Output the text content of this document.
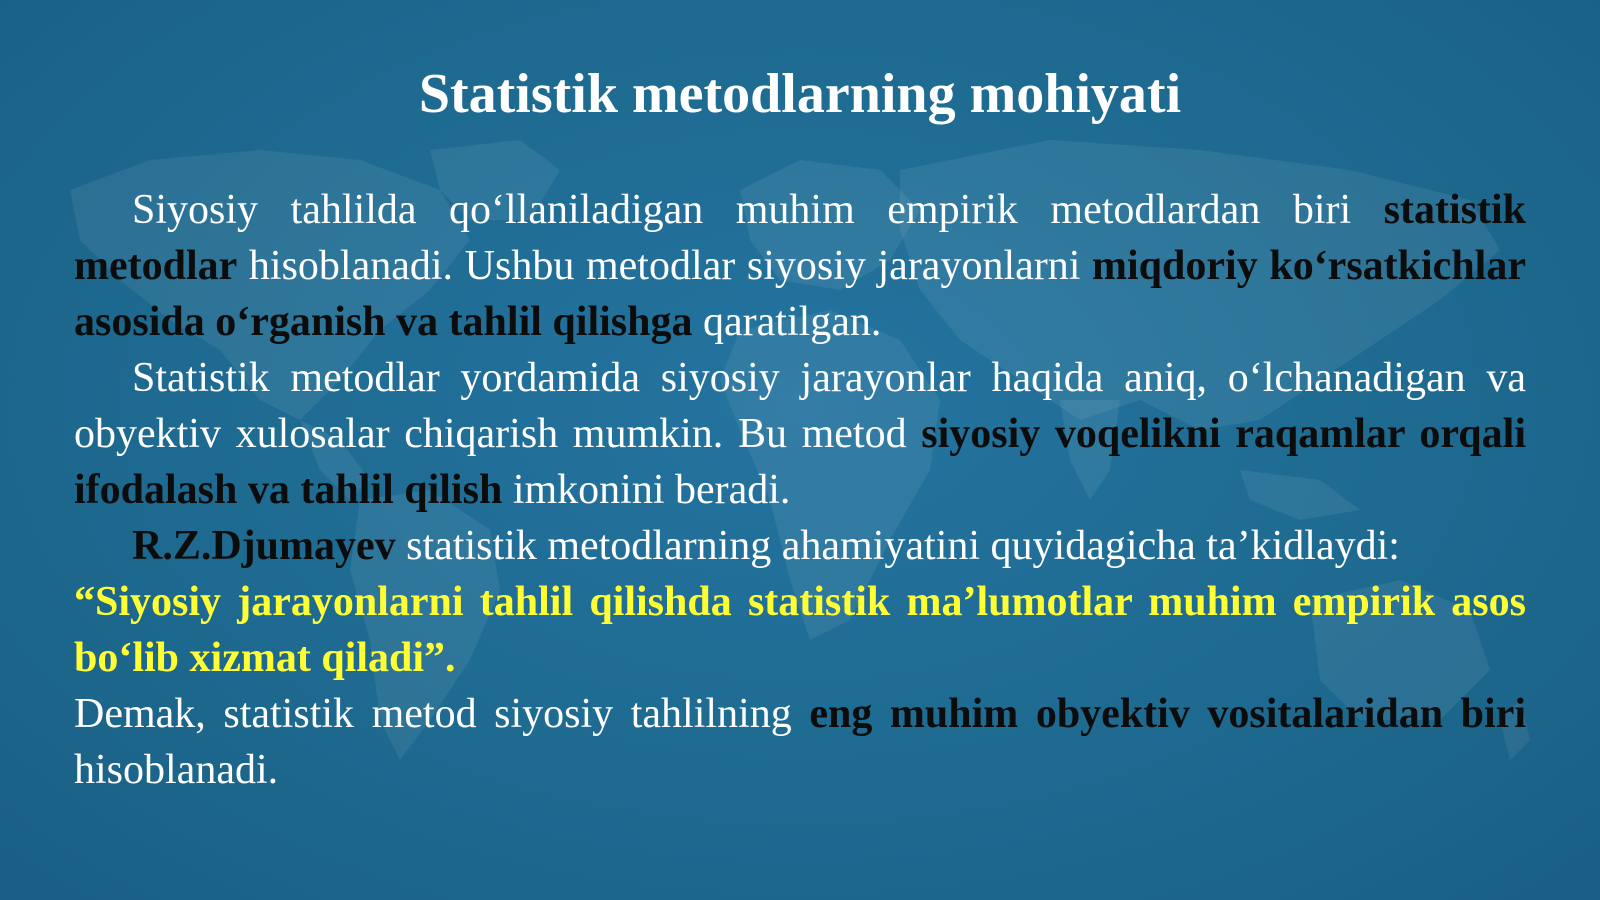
Statistik metodlarning mohiyati

Siyosiy tahlilda qo‘llaniladigan muhim empirik metodlardan biri statistik metodlar hisoblanadi. Ushbu metodlar siyosiy jarayonlarni miqdoriy ko‘rsatkichlar asosida o‘rganish va tahlil qilishga qaratilgan.

Statistik metodlar yordamida siyosiy jarayonlar haqida aniq, o‘lchanadigan va obyektiv xulosalar chiqarish mumkin. Bu metod siyosiy voqelikni raqamlar orqali ifodalash va tahlil qilish imkonini beradi.

R.Z.Djumayev statistik metodlarning ahamiyatini quyidagicha ta’kidlaydi:

“Siyosiy jarayonlarni tahlil qilishda statistik ma’lumotlar muhim empirik asos bo‘lib xizmat qiladi”.

Demak, statistik metod siyosiy tahlilning eng muhim obyektiv vositalaridan biri hisoblanadi.
